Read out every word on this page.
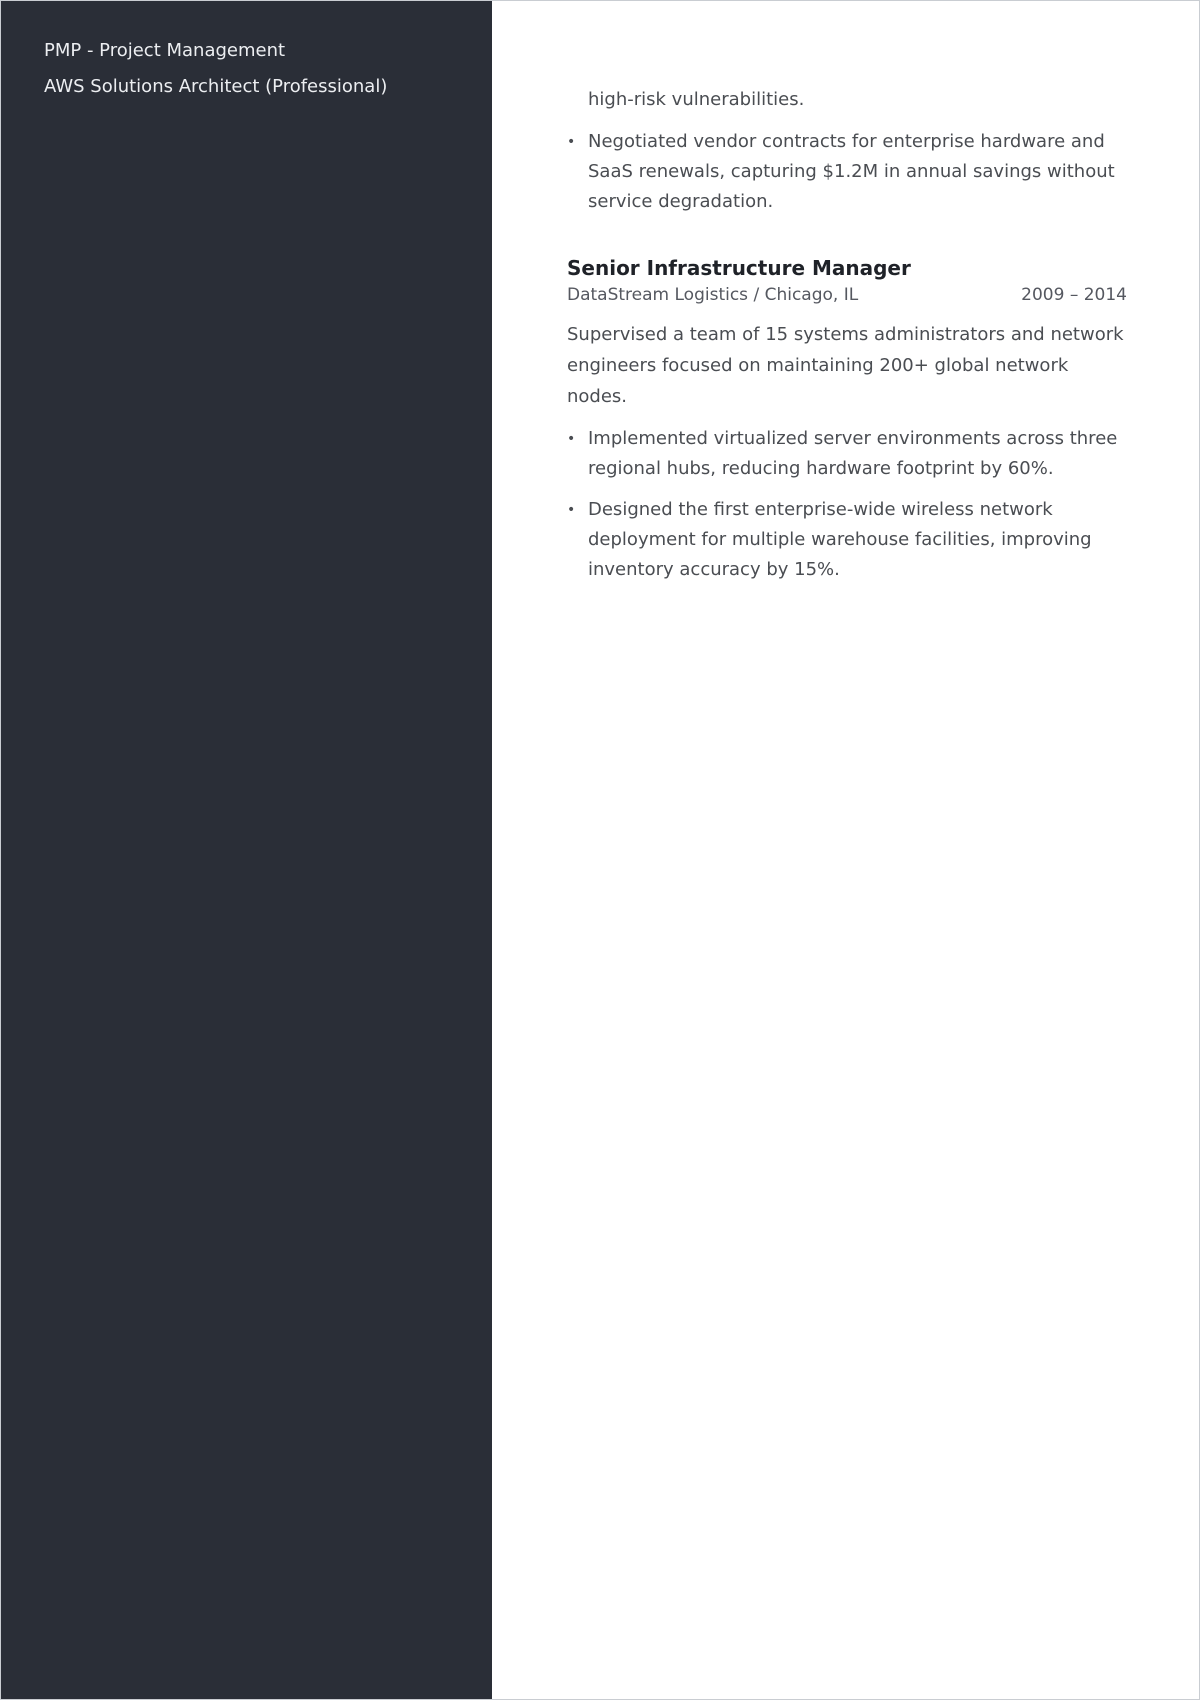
PMP - Project Management
AWS Solutions Architect (Professional)
high-risk vulnerabilities.
• Negotiated vendor contracts for enterprise hardware and SaaS renewals, capturing $1.2M in annual savings without service degradation.
Senior Infrastructure Manager
DataStream Logistics / Chicago, IL	2009 – 2014

Supervised a team of 15 systems administrators and network engineers focused on maintaining 200+ global network nodes.

• Implemented virtualized server environments across three regional hubs, reducing hardware footprint by 60%.
• Designed the first enterprise-wide wireless network deployment for multiple warehouse facilities, improving inventory accuracy by 15%.
